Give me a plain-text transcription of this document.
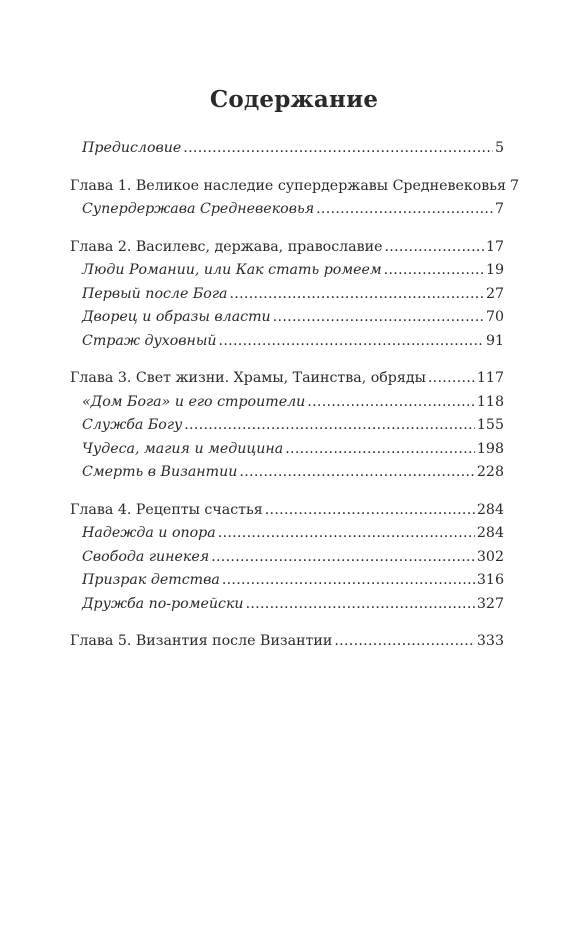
Содержание
Предисловие .....	5
Глава 1. Великое наследие супердержавы Средневековья 7
Супердержава Средневековья .....	7
Глава 2. Василевс, держава, православие .....	17
Люди Романии, или Как стать ромеем .....	19
Первый после Бога .....	27
Дворец и образы власти .....	70
Страж духовный .....	91
Глава 3. Свет жизни. Храмы, Таинства, обряды .....	117
«Дом Бога» и его строители .....	118
Служба Богу .....	155
Чудеса, магия и медицина .....	198
Смерть в Византии .....	228
Глава 4. Рецепты счастья .....	284
Надежда и опора .....	284
Свобода гинекея .....	302
Призрак детства .....	316
Дружба по-ромейски .....	327
Глава 5. Византия после Византии .....	333
